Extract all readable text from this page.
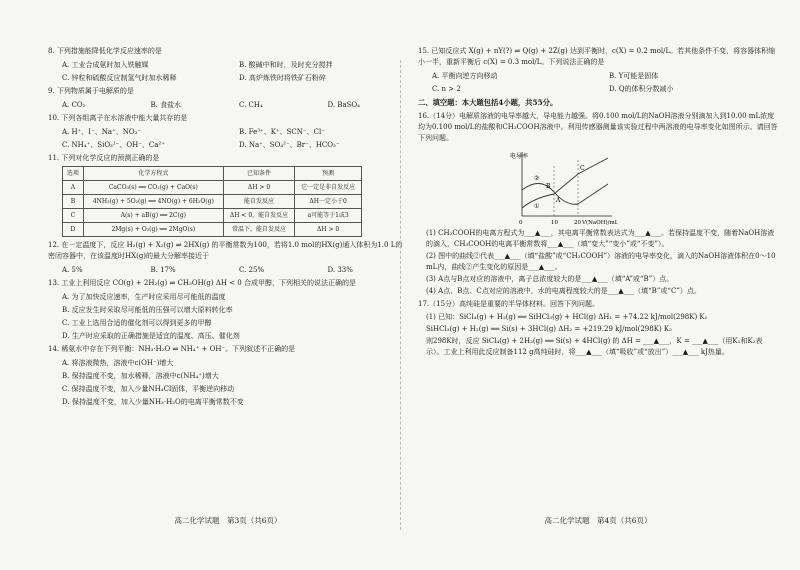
8. 下列措施能降低化学反应速率的是
A. 工业合成氨时加入铁触媒	B. 酸碱中和时，及时充分搅拌
C. 锌粒和硫酸反应制氢气时加水稀释	D. 高炉炼铁时将铁矿石粉碎
9. 下列物质属于电解质的是
A. CO₂	B. 食盐水	C. CH₄	D. BaSO₄
10. 下列各组离子在水溶液中能大量共存的是
A. H⁺、I⁻、Na⁺、NO₃⁻	B. Fe³⁺、K⁺、SCN⁻、Cl⁻
C. NH₄⁺、SiO₃²⁻、OH⁻、Ca²⁺	D. Na⁺、SO₄²⁻、Br⁻、HCO₃⁻
11. 下列对化学反应的预测正确的是
选项	化学方程式	已知条件	预测
A	CaCO₃(s) ══ CO₂(g) + CaO(s)	ΔH > 0	它一定是非自发反应
B	4NH₃(g) + 5O₂(g) ══ 4NO(g) + 6H₂O(g)	能自发反应	ΔH一定小于0
C	A(s) + aB(g) ══ 2C(g)	ΔH < 0，能自发反应	a可能等于1或3
D	2Mg(s) + O₂(g) ══ 2MgO(s)	常温下，能自发反应	ΔH > 0
12. 在一定温度下，反应 H₂(g) + X₂(g) ⇌ 2HX(g) 的平衡常数为100，若将1.0 mol的HX(g)通入体积为1.0 L的密闭容器中，在该温度时HX(g)的最大分解率接近于
A. 5%	B. 17%	C. 25%	D. 33%
13. 工业上利用反应 CO(g) + 2H₂(g) ⇌ CH₃OH(g) ΔH < 0 合成甲醇，下列相关的说法正确的是
A. 为了加快反应速率，生产时应采用尽可能低的温度
B. 反应发生时采取尽可能低的压强可以增大原料转化率
C. 工业上选用合适的催化剂可以得到更多的甲醇
D. 生产时应采取的正确措施是适宜的温度、高压、催化剂
14. 稀氨水中存在下列平衡：NH₃·H₂O ⇌ NH₄⁺ + OH⁻。下列叙述不正确的是
A. 将溶液微热，溶液中c(OH⁻)增大
B. 保持温度不变，加水稀释，溶液中c(NH₄⁺)增大
C. 保持温度不变，加入少量NH₄Cl固体，平衡逆向移动
D. 保持温度不变，加入少量NH₃·H₂O的电离平衡常数不变
15. 已知反应式 X(g) + nY(?) ⇌ Q(g) + 2Z(g) 达到平衡时，c(X) = 0.2 mol/L。若其他条件不变，将容器体积缩小一半，重新平衡后 c(X) = 0.3 mol/L。下列说法正确的是
A. 平衡向逆方向移动	B. Y可能是固体
C. n > 2	D. Q的体积分数减小
二、填空题：本大题包括4小题，共55分。
16.（14分）电解质溶液的电导率越大，导电能力越强。将0.100 mol/L的NaOH溶液分别滴加入到10.00 mL浓度均为0.100 mol/L的盐酸和CH₃COOH溶液中。利用传感器测量该实验过程中两溶液的电导率变化如图所示。请回答下列问题。
电导率
V(NaOH)/mL
0	10	20
①
②
A
B
C
(1) CH₃COOH的电离方程式为___▲___，其电离平衡常数表达式为___▲___。若保持温度不变，随着NaOH溶液的滴入，CH₃COOH的电离平衡常数将___▲___（填“变大”“变小”或“不变”）。
(2) 图中的曲线②代表___▲___（填“盐酸”或“CH₃COOH”）溶液的电导率变化，滴入的NaOH溶液体积在0～10 mL内，曲线②产生变化的原因是___▲___。
(3) A点与B点对应的溶液中，离子总浓度较大的是___▲___（填“A”或“B”）点。
(4) A点、B点、C点对应的溶液中，水的电离程度较大的是___▲___（填“B”或“C”）点。
17.（15分）高纯硅是重要的半导体材料。回答下列问题。
(1) 已知：SiCl₄(g) + H₂(g) ══ SiHCl₃(g) + HCl(g) ΔH₁ = +74.22 kJ/mol(298K) K₁
SiHCl₃(g) + H₂(g) ══ Si(s) + 3HCl(g) ΔH₂ = +219.29 kJ/mol(298K) K₂
则298K时，反应 SiCl₄(g) + 2H₂(g) ══ Si(s) + 4HCl(g) 的 ΔH = ___▲___，K = ___▲___（用K₁和K₂表示）。工业上利用此反应制备112 g高纯硅时，将___▲___（填“吸收”或“放出”）___▲___ kJ热量。
高二化学试题　第3页（共6页）	高二化学试题　第4页（共6页）
